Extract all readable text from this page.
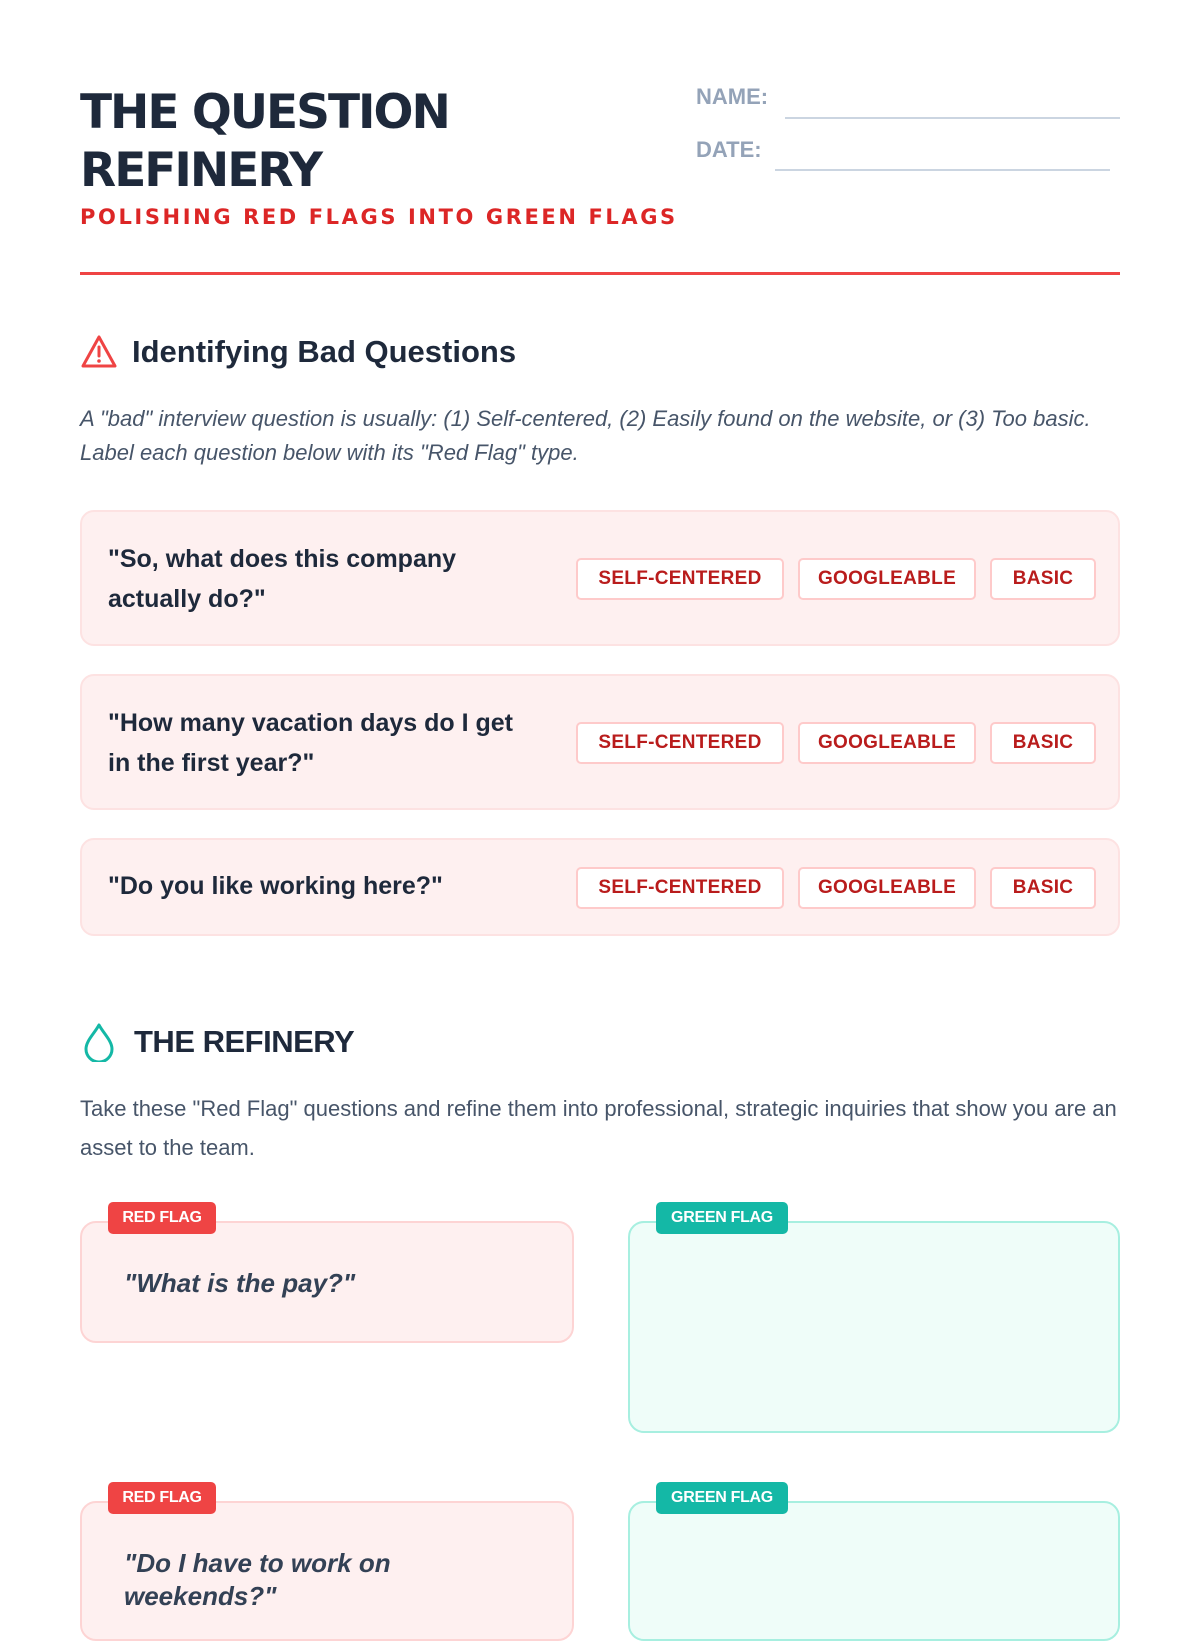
THE QUESTION REFINERY
POLISHING RED FLAGS INTO GREEN FLAGS
NAME:
DATE:
Identifying Bad Questions
A "bad" interview question is usually: (1) Self-centered, (2) Easily found on the website, or (3) Too basic. Label each question below with its "Red Flag" type.
"So, what does this company actually do?"
SELF-CENTERED	GOOGLEABLE	BASIC
"How many vacation days do I get in the first year?"
SELF-CENTERED	GOOGLEABLE	BASIC
"Do you like working here?"	SELF-CENTERED	GOOGLEABLE	BASIC
THE REFINERY
Take these "Red Flag" questions and refine them into professional, strategic inquiries that show you are an asset to the team.
"What is the pay?"
RED FLAG	GREEN FLAG
"Do I have to work on weekends?"
RED FLAG	GREEN FLAG
